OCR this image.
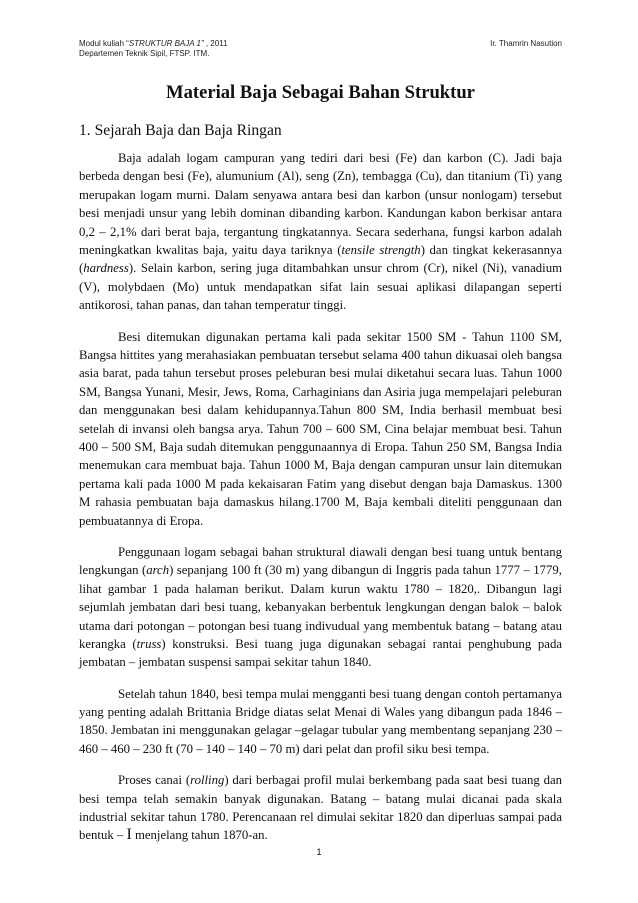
Modul kuliah “STRUKTUR BAJA 1” , 2011
Departemen Teknik Sipil, FTSP. ITM.
Ir. Thamrin Nasution
Material Baja Sebagai Bahan Struktur
1. Sejarah Baja dan Baja Ringan

Baja adalah logam campuran yang tediri dari besi (Fe) dan karbon (C). Jadi baja berbeda dengan besi (Fe), alumunium (Al), seng (Zn), tembagga (Cu), dan titanium (Ti) yang merupakan logam murni. Dalam senyawa antara besi dan karbon (unsur nonlogam) tersebut besi menjadi unsur yang lebih dominan dibanding karbon. Kandungan kabon berkisar antara 0,2 – 2,1% dari berat baja, tergantung tingkatannya. Secara sederhana, fungsi karbon adalah meningkatkan kwalitas baja, yaitu daya tariknya (tensile strength) dan tingkat kekerasannya (hardness). Selain karbon, sering juga ditambahkan unsur chrom (Cr), nikel (Ni), vanadium (V), molybdaen (Mo) untuk mendapatkan sifat lain sesuai aplikasi dilapangan seperti antikorosi, tahan panas, dan tahan temperatur tinggi.

Besi ditemukan digunakan pertama kali pada sekitar 1500 SM - Tahun 1100 SM, Bangsa hittites yang merahasiakan pembuatan tersebut selama 400 tahun dikuasai oleh bangsa asia barat, pada tahun tersebut proses peleburan besi mulai diketahui secara luas. Tahun 1000 SM, Bangsa Yunani, Mesir, Jews, Roma, Carhaginians dan Asiria juga mempelajari peleburan dan menggunakan besi dalam kehidupannya.Tahun 800 SM, India berhasil membuat besi setelah di invansi oleh bangsa arya. Tahun 700 – 600 SM, Cina belajar membuat besi. Tahun 400 – 500 SM, Baja sudah ditemukan penggunaannya di Eropa. Tahun 250 SM, Bangsa India menemukan cara membuat baja. Tahun 1000 M, Baja dengan campuran unsur lain ditemukan pertama kali pada 1000 M pada kekaisaran Fatim yang disebut dengan baja Damaskus. 1300 M rahasia pembuatan baja damaskus hilang.1700 M, Baja kembali diteliti penggunaan dan pembuatannya di Eropa.

Penggunaan logam sebagai bahan struktural diawali dengan besi tuang untuk bentang lengkungan (arch) sepanjang 100 ft (30 m) yang dibangun di Inggris pada tahun 1777 – 1779, lihat gambar 1 pada halaman berikut. Dalam kurun waktu 1780 – 1820,. Dibangun lagi sejumlah jembatan dari besi tuang, kebanyakan berbentuk lengkungan dengan balok – balok utama dari potongan – potongan besi tuang indivudual yang membentuk batang – batang atau kerangka (truss) konstruksi. Besi tuang juga digunakan sebagai rantai penghubung pada jembatan – jembatan suspensi sampai sekitar tahun 1840.

Setelah tahun 1840, besi tempa mulai mengganti besi tuang dengan contoh pertamanya yang penting adalah Brittania Bridge diatas selat Menai di Wales yang dibangun pada 1846 – 1850. Jembatan ini menggunakan gelagar –gelagar tubular yang membentang sepanjang 230 – 460 – 460 – 230 ft (70 – 140 – 140 – 70 m) dari pelat dan profil siku besi tempa.

Proses canai (rolling) dari berbagai profil mulai berkembang pada saat besi tuang dan besi tempa telah semakin banyak digunakan. Batang – batang mulai dicanai pada skala industrial sekitar tahun 1780. Perencanaan rel dimulai sekitar 1820 dan diperluas sampai pada bentuk – I menjelang tahun 1870-an.

1
